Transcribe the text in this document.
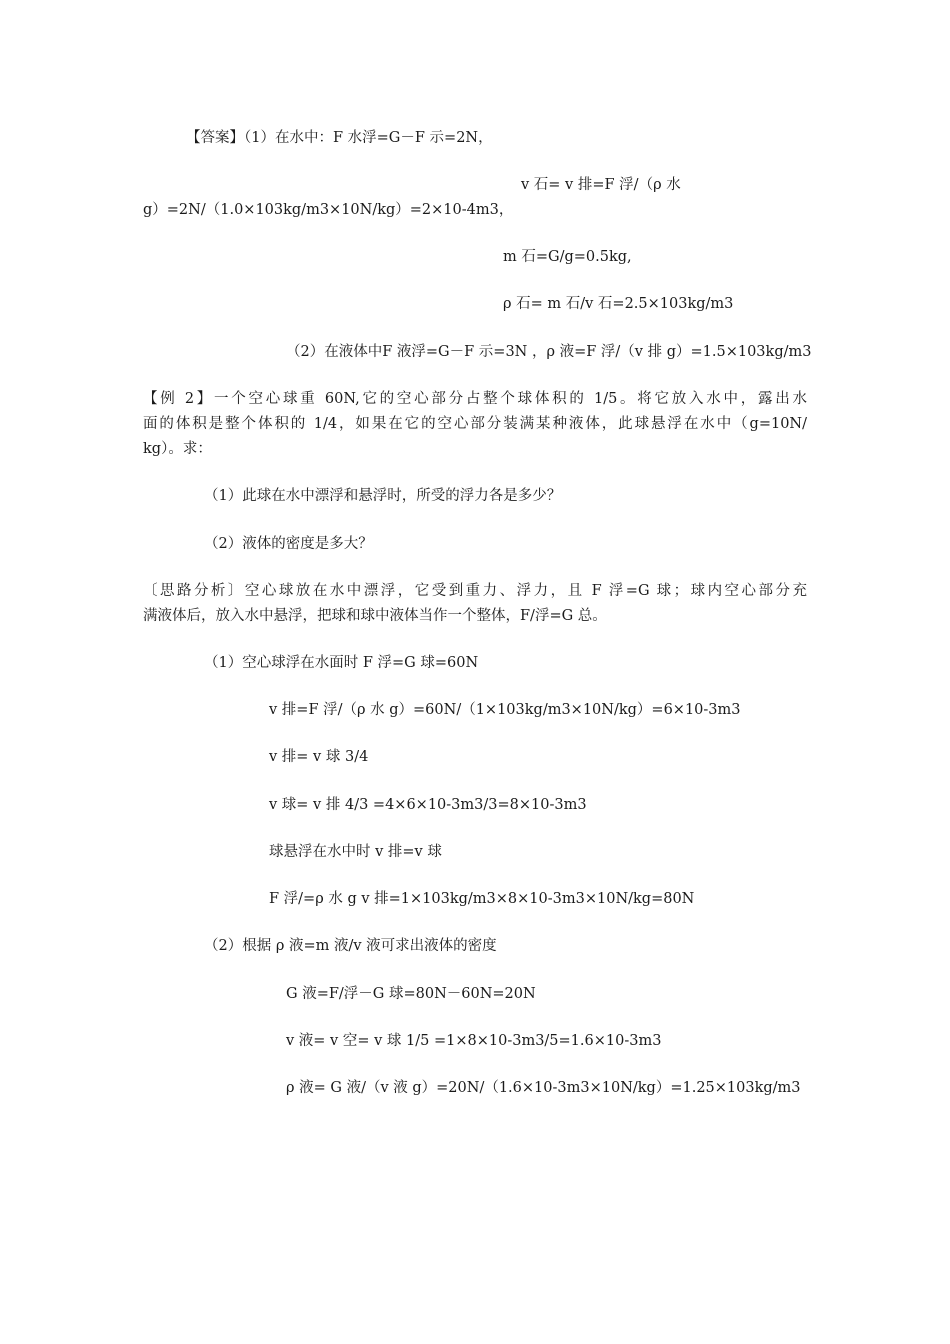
【答案】（1）在水中：F 水浮=G－F 示=2N，
v 石= v 排=F 浮/（ρ 水
g）=2N/（1.0×103kg/m3×10N/kg）=2×10-4m3，
m 石=G/g=0.5kg,
ρ 石= m 石/v 石=2.5×103kg/m3
（2）在液体中F 液浮=G－F 示=3N ，ρ 液=F 浮/（v 排 g）=1.5×103kg/m3
【例 2】一个空心球重 60N,它的空心部分占整个球体积的 1/5。将它放入水中，露出水
面的体积是整个体积的 1/4，如果在它的空心部分装满某种液体，此球悬浮在水中（g=10N/
kg）。求：
（1）此球在水中漂浮和悬浮时，所受的浮力各是多少？
（2）液体的密度是多大？
〔思路分析〕空心球放在水中漂浮，它受到重力、浮力，且 F 浮=G 球；球内空心部分充
满液体后，放入水中悬浮，把球和球中液体当作一个整体，F/浮=G 总。
（1）空心球浮在水面时 F 浮=G 球=60N
v 排=F 浮/（ρ 水 g）=60N/（1×103kg/m3×10N/kg）=6×10-3m3
v 排= v 球 3/4
v 球= v 排 4/3 =4×6×10-3m3/3=8×10-3m3
球悬浮在水中时 v 排=v 球
F 浮/=ρ 水 g v 排=1×103kg/m3×8×10-3m3×10N/kg=80N
（2）根据 ρ 液=m 液/v 液可求出液体的密度
G 液=F/浮－G 球=80N－60N=20N
v 液= v 空= v 球 1/5 =1×8×10-3m3/5=1.6×10-3m3
ρ 液= G 液/（v 液 g）=20N/（1.6×10-3m3×10N/kg）=1.25×103kg/m3
